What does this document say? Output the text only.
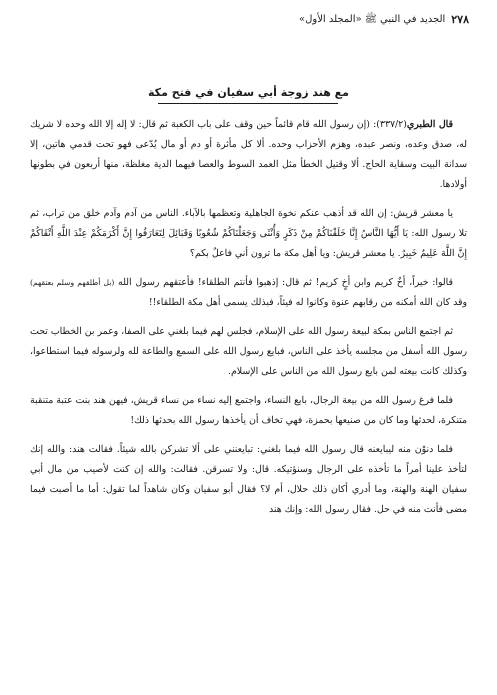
٢٧٨
الجديد في النبي ﷺ «المجلد الأول»
مع هند زوجة أبي سفيان في فتح مكة

قال الطبري(٣٣٧/٢): (إن رسول الله قام قائماً حين وقف على باب الكعبة ثم قال: لا إله إلا الله وحده لا شريك له، صدق وعده، ونصر عبده، وهزم الأحزاب وحده. ألا كل مأثرة أو دم أو مال يُدّعى فهو تحت قدمي هاتين، إلا سدانة البيت وسقاية الحاج. ألا وقتيل الخطأ مثل العمد السوط والعصا فيهما الدية مغلظة، منها أربعون في بطونها أولادها.

يا معشر قريش: إن الله قد أذهب عنكم نخوة الجاهلية وتعظمها بالآباء. الناس من آدم وآدم خلق من تراب، ثم تلا رسول الله: يَا أَيُّهَا النَّاسُ إِنَّا خَلَقْنَاكُمْ مِنْ ذَكَرٍ وَأُنْثَى وَجَعَلْنَاكُمْ شُعُوبًا وَقَبَائِلَ لِتَعَارَفُوا إِنَّ أَكْرَمَكُمْ عِنْدَ اللَّهِ أَتْقَاكُمْ إِنَّ اللَّهَ عَلِيمٌ خَبِيرٌ. يا معشر قريش: ويا أهل مكة ما ترون أني فاعلٌ بكم؟

قالوا: خيراً، أخٌ كريم وابن أخٍ كريم! ثم قال: إذهبوا فأنتم الطلقاء! فأعتقهم رسول الله (بل أطلقهم وسلم بعتقهم) وقد كان الله أمكنه من رقابهم عنوة وكانوا له فيئاً، فبذلك يسمى أهل مكة الطلقاء!!

ثم اجتمع الناس بمكة لبيعة رسول الله على الإسلام، فجلس لهم فيما بلغني على الصفا، وعمر بن الخطاب تحت رسول الله أسفل من مجلسه يأخذ على الناس، فبايع رسول الله على السمع والطاعة لله ولرسوله فيما استطاعوا، وكذلك كانت بيعته لمن بايع رسول الله من الناس على الإسلام.

فلما فرغ رسول الله من بيعة الرجال، بايع النساء، واجتمع إليه نساء من نساء قريش، فيهن هند بنت عتبة متنقبة متنكرة، لحدثها وما كان من صنيعها بحمزة، فهي تخاف أن يأخذها رسول الله بحدثها ذلك!

فلما دنوْن منه ليبايعنه قال رسول الله فيما بلغني: تبايعنني على ألا تشركن بالله شيئاً. فقالت هند: والله إنك لتأخذ علينا أمراً ما تأخذه على الرجال وسنؤتيكه. قال: ولا تسرقن. فقالت: والله إن كنت لأصيب من مال أبي سفيان الهنة والهنة، وما أدري أكان ذلك حلال، أم لا؟ فقال أبو سفيان وكان شاهداً لما تقول: أما ما أصبت فيما مضى فأنت منه في حل. فقال رسول الله: وإنك هند
